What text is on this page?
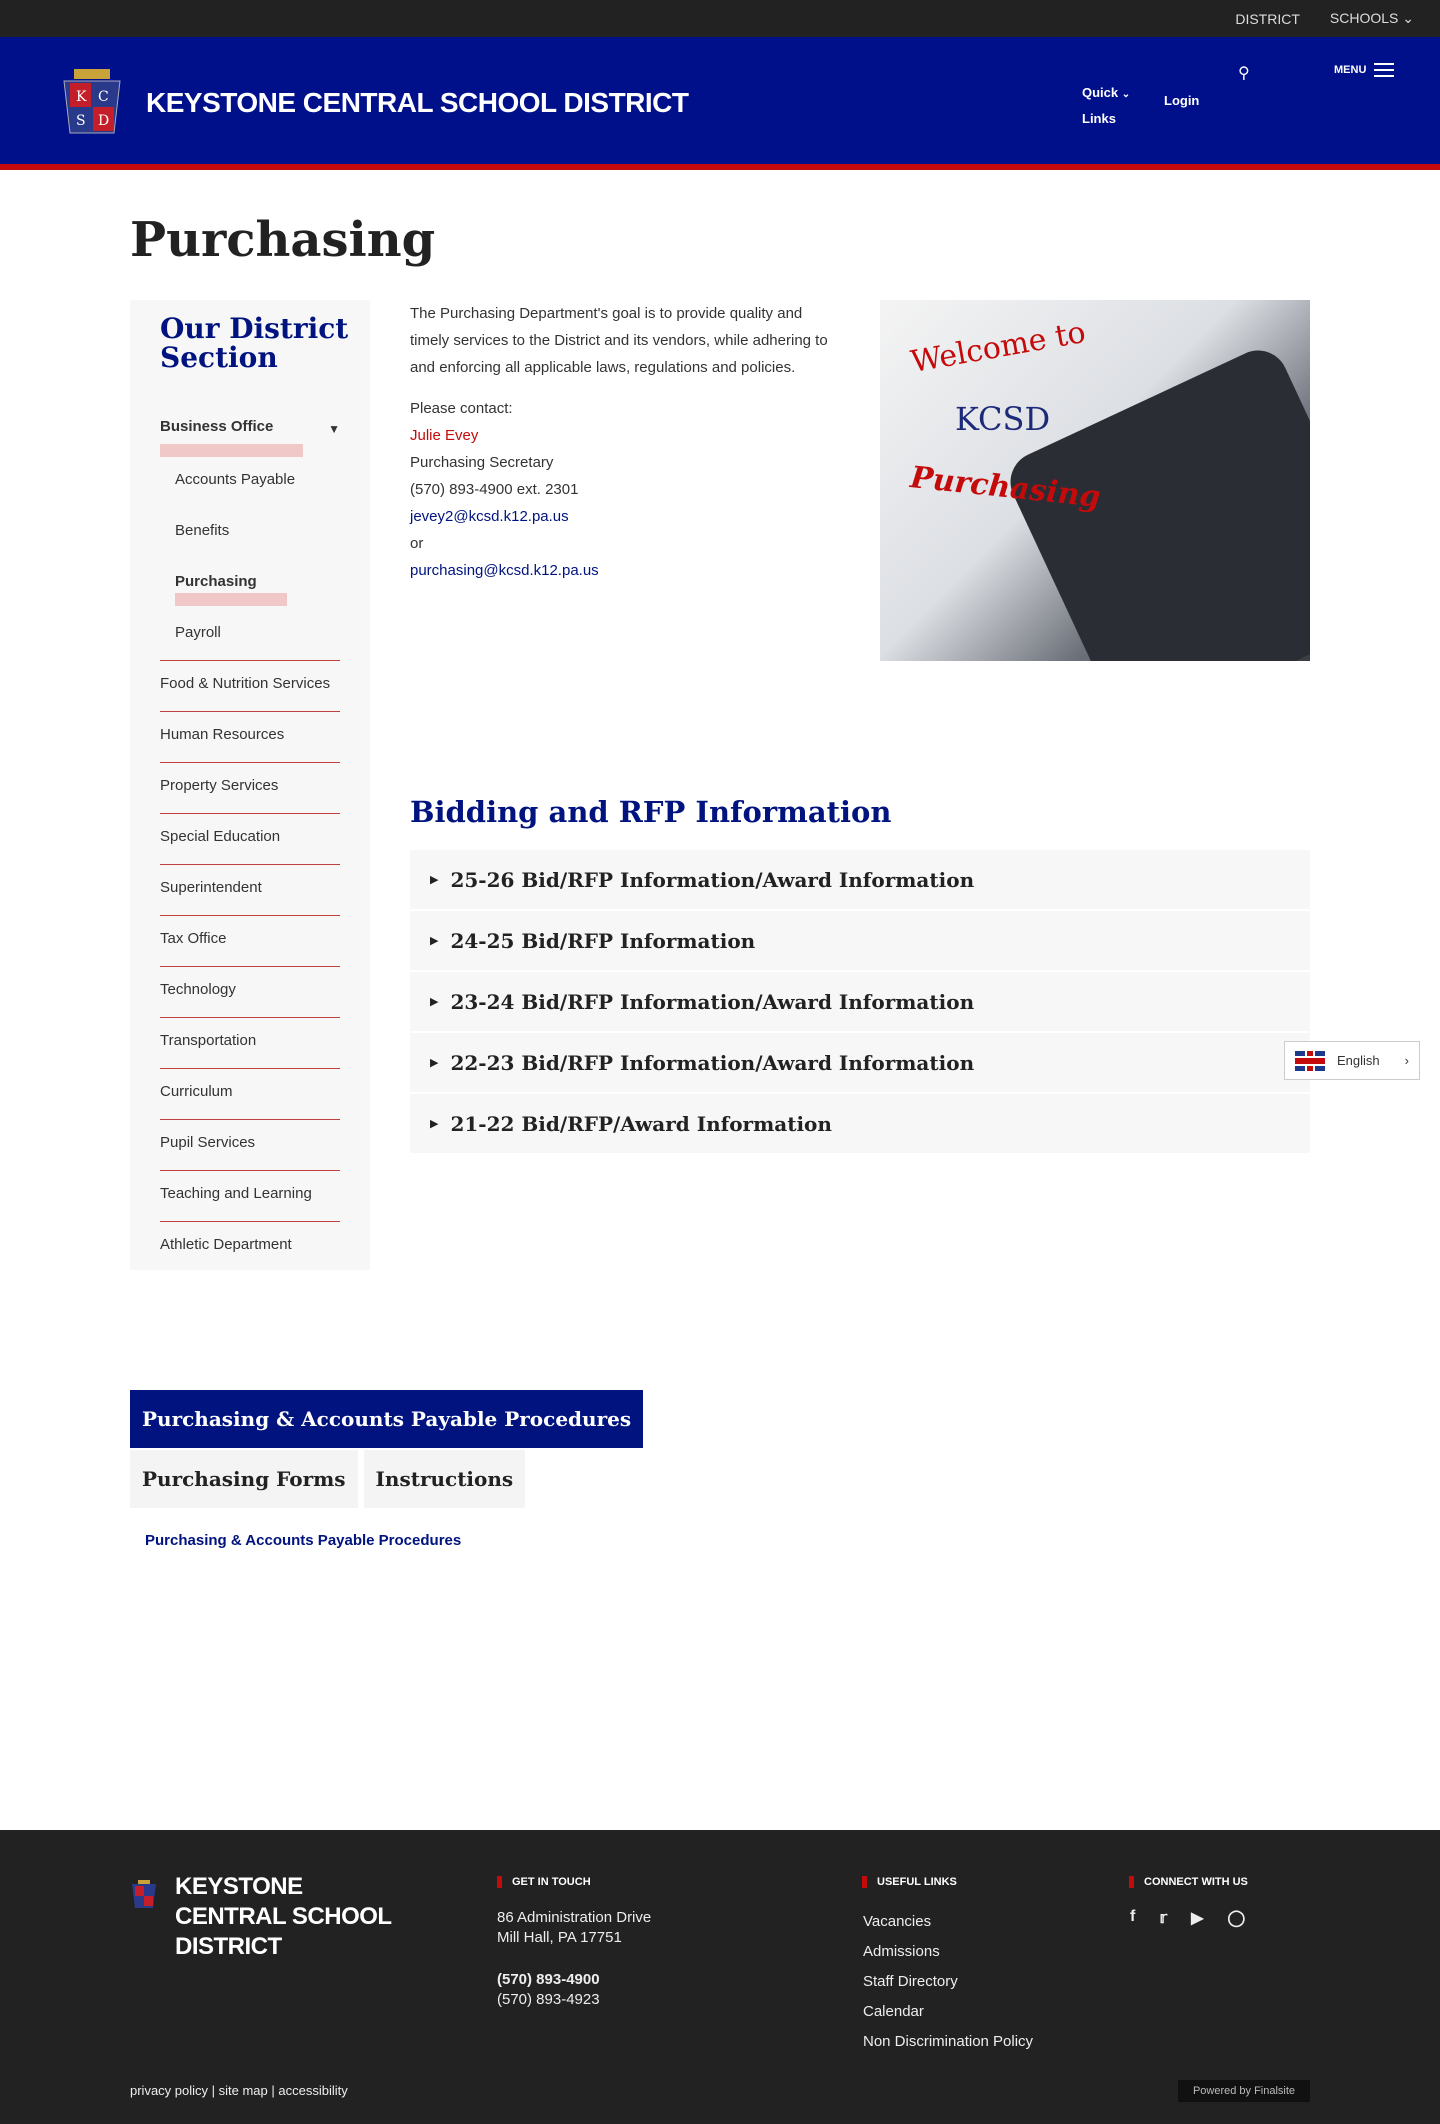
DISTRICT SCHOOLS ⌄
K C
S D
KEYSTONE CENTRAL SCHOOL DISTRICT	Quick ⌄
Links
Login
⚲	MENU
Purchasing
Our District Section
Business Office	▼
Accounts Payable
Benefits
Purchasing
Payroll
Food & Nutrition Services
Human Resources
Property Services
Special Education
Superintendent
Tax Office
Technology
Transportation
Curriculum
Pupil Services
Teaching and Learning
Athletic Department

The Purchasing Department's goal is to provide quality and timely services to the District and its vendors, while adhering to and enforcing all applicable laws, regulations and policies.

Please contact:
Julie Evey
Purchasing Secretary
(570) 893-4900 ext. 2301
jevey2@kcsd.k12.pa.us
or
purchasing@kcsd.k12.pa.us
Welcome to
KCSD
Purchasing
Bidding and RFP Information
▶ 25-26 Bid/RFP Information/Award Information
▶ 24-25 Bid/RFP Information
▶ 23-24 Bid/RFP Information/Award Information
▶ 22-23 Bid/RFP Information/Award Information
▶ 21-22 Bid/RFP/Award Information
English ›
Purchasing & Accounts Payable Procedures
Purchasing Forms Instructions
Purchasing & Accounts Payable Procedures
KEYSTONE CENTRAL SCHOOL DISTRICT
GET IN TOUCH
86 Administration Drive
Mill Hall, PA 17751
(570) 893-4900
(570) 893-4923
USEFUL LINKS
Vacancies
Admissions
Staff Directory
Calendar
Non Discrimination Policy
CONNECT WITH US
f 𝕣 ▶ ◯
privacy policy | site map | accessibility	Powered by Finalsite
